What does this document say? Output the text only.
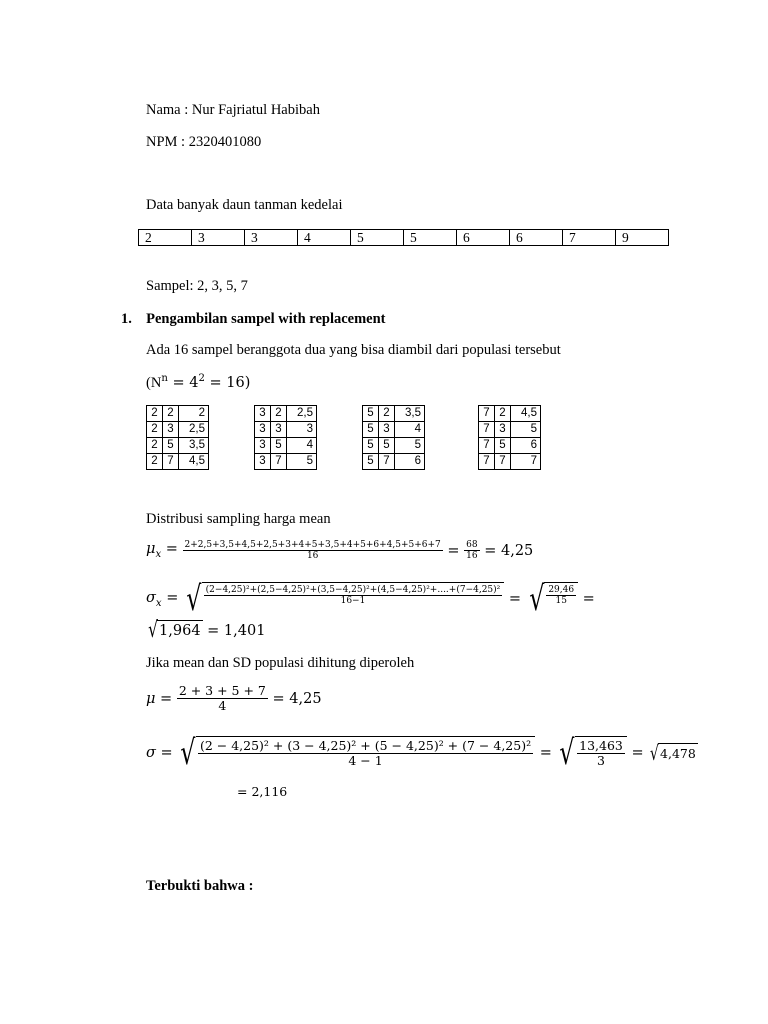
Nama : Nur Fajriatul Habibah
NPM : 2320401080
Data banyak daun tanman kedelai
2	3	3	4	5	5	6	6	7	9
Sampel: 2, 3, 5, 7
1. Pengambilan sampel with replacement
Ada 16 sampel beranggota dua yang bisa diambil dari populasi tersebut
$(N^n = 4^2 = 16)$
2	2	2
2	3	2,5
2	5	3,5
2	7	4,5
3	2	2,5
3	3	3
3	5	4
3	7	5
5	2	3,5
5	3	4
5	5	5
5	7	6
7	2	4,5
7	3	5
7	5	6
7	7	7
Distribusi sampling harga mean
$\mu_x = \frac{2+2,5+3,5+4,5+2,5+3+4+5+3,5+4+5+6+4,5+5+6+7}{16} = \frac{68}{16}$
= 4,25
$\sigma_x$ = √ $\frac{\text{(2−4,25)²+(2,5−4,25)²+(3,5−4,25)²+(4,5−4,25)²+....+(7−4,25)²}}{16-1}$ = √ $\frac{29,46}{15}$ =
√ 1,964
= 1,401
Jika mean dan SD populasi dihitung diperoleh
$\mu = \frac{2 + 3 + 5 + 7}{4}$
= 4,25
σ = √ $\frac{\text{(2 − 4,25)² + (3 − 4,25)² + (5 − 4,25)² + (7 − 4,25)²}}{4 - 1}$ = √ $\frac{13,463}{3}$ = √ 4,478
= 2,116
Terbukti bahwa :
